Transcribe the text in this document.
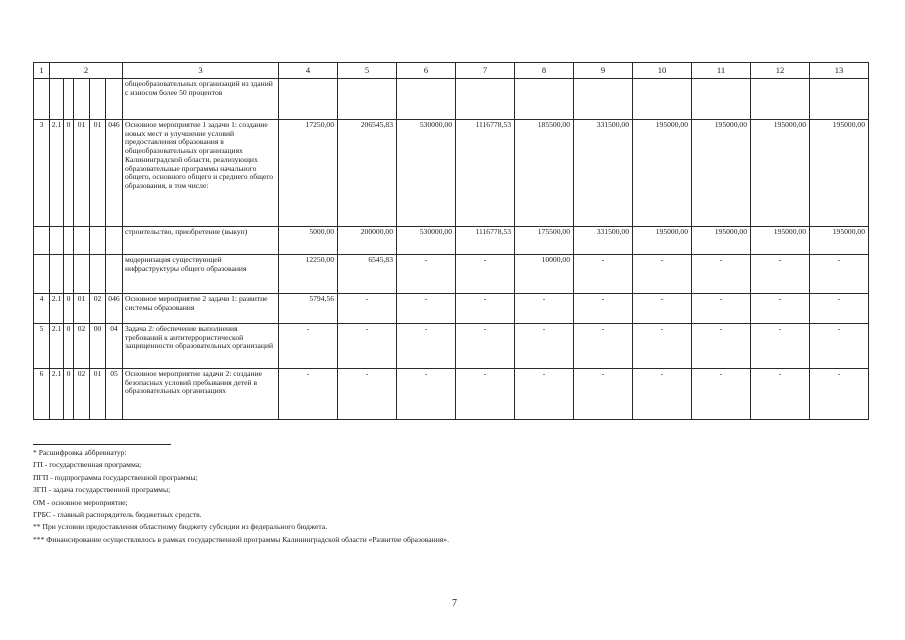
1	2					3	4	5	6	7	8	9	10	11	12	13
						общеобразовательных организаций из зданий с износом более 50 процентов										
3	2.1	0	01	01	046	Основное мероприятие 1 задачи 1: создание новых мест и улучшение условий предоставления образования в общеобразовательных организациях Калининградской области, реализующих образовательные программы начального общего, основного общего и среднего общего образования, в том числе:	17250,00	206545,83	530000,00	1116778,53	185500,00	331500,00	195000,00	195000,00	195000,00	195000,00
						строительство, приобретение (выкуп)	5000,00	200000,00	530000,00	1116778,53	175500,00	331500,00	195000,00	195000,00	195000,00	195000,00
						модернизация существующей инфраструктуры общего образования	12250,00	6545,83	-	-	10000,00	-	-	-	-	-
4	2.1	0	01	02	046	Основное мероприятие 2 задачи 1: развитие системы образования	5794,56	-	-	-	-	-	-	-	-	-
5	2.1	0	02	00	04	Задача 2: обеспечение выполнения требований к антитеррористической защищенности образовательных организаций	-	-	-	-	-	-	-	-	-	-
6	2.1	0	02	01	05	Основное мероприятие задачи 2: создание безопасных условий пребывания детей в образовательных организациях	-	-	-	-	-	-	-	-	-	-
* Расшифровка аббревиатур:
ГП - государственная программа;
ПГП - подпрограмма государственной программы;
ЗГП - задача государственной программы;
ОМ - основное мероприятие;
ГРБС - главный распорядитель бюджетных средств.
** При условии предоставления областному бюджету субсидии из федерального бюджета.
*** Финансирование осуществлялось в рамках государственной программы Калининградской области «Развитие образования».
7
